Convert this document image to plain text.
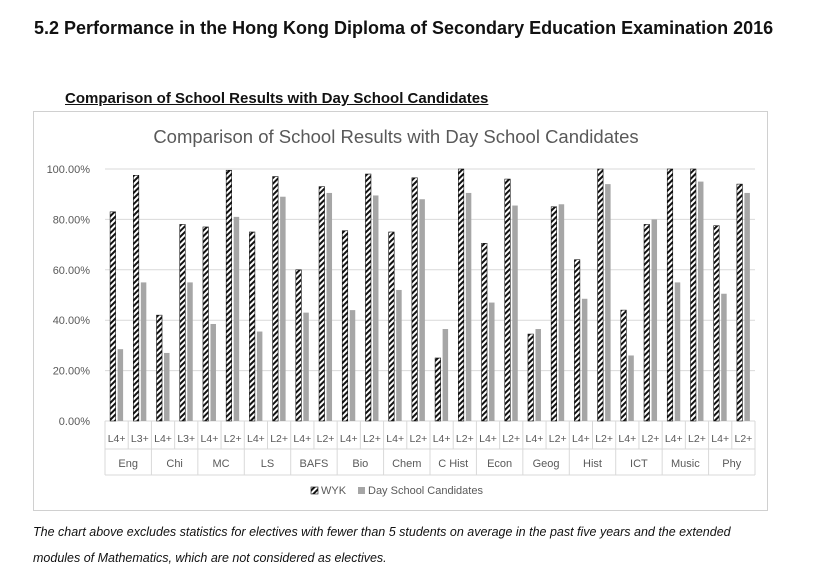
5.2 Performance in the Hong Kong Diploma of Secondary Education Examination 2016
Comparison of School Results with Day School Candidates
Comparison of School Results with Day School Candidates
0.00%
20.00%
40.00%
60.00%
80.00%
100.00%
L4+ L3+
Eng
L4+ L3+
Chi
L4+ L2+
MC
L4+ L2+
LS
L4+ L2+
BAFS
L4+ L2+
Bio
L4+ L2+
Chem
L4+ L2+
C Hist
L4+ L2+
Econ
L4+ L2+
Geog
L4+ L2+
Hist
L4+ L2+
ICT
L4+ L2+
Music
L4+ L2+
Phy
WYK Day School Candidates
The chart above excludes statistics for electives with fewer than 5 students on average in the past five years and the extended
modules of Mathematics, which are not considered as electives.
